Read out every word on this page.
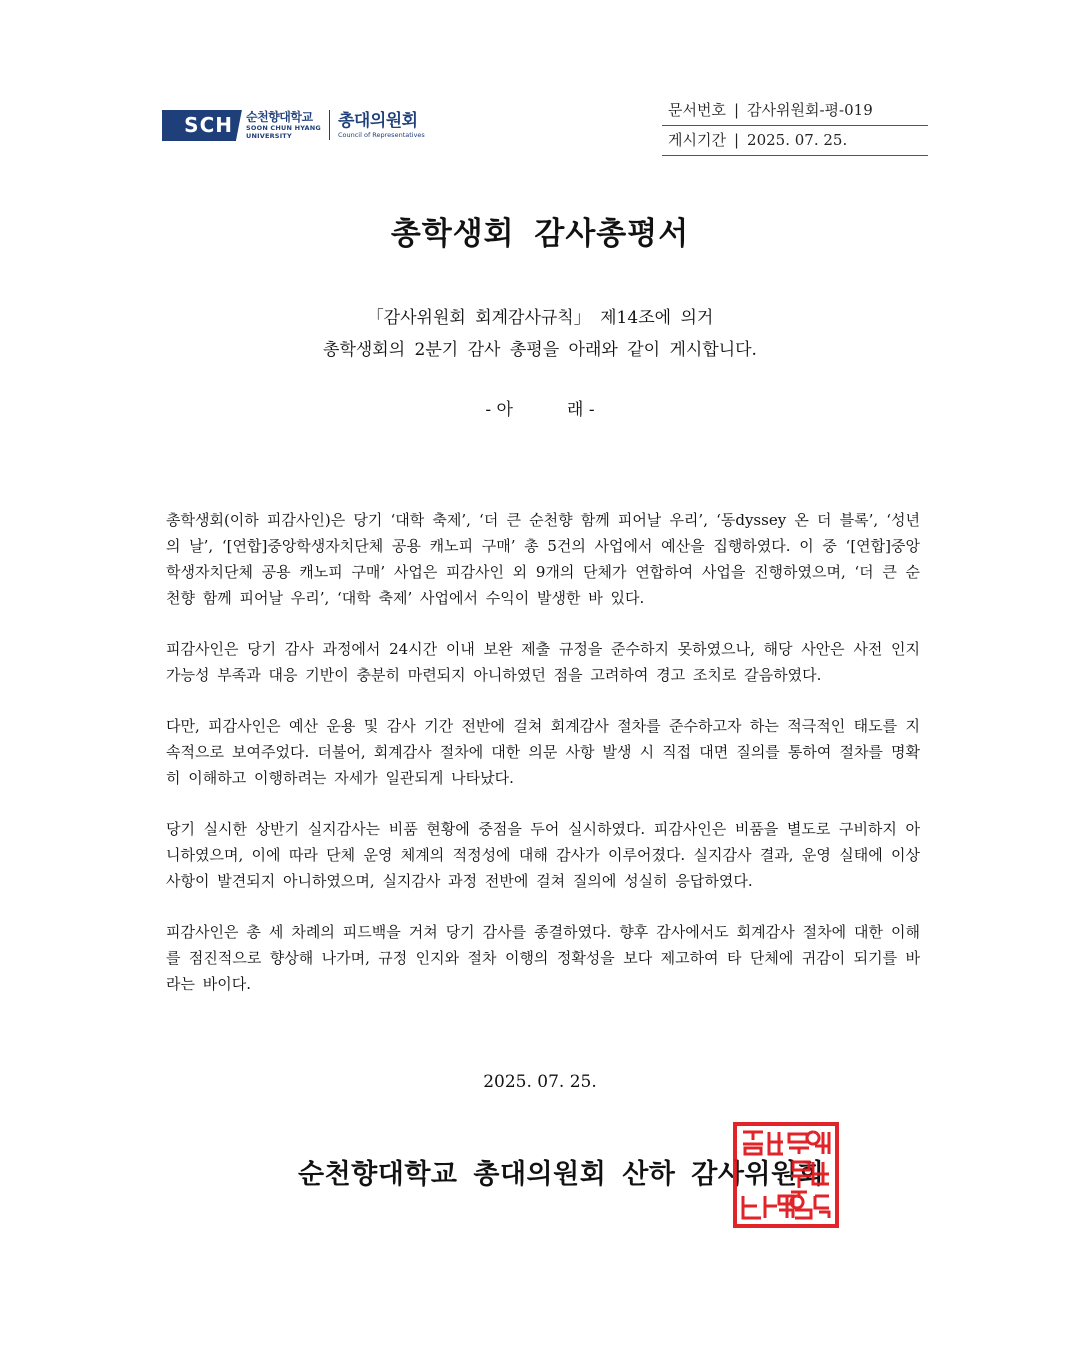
SCH 순천향대학교
SOON CHUN HYANG
UNIVERSITY
총대의원회
Council of Representatives
문서번호 | 감사위원회-평-019
게시기간 | 2025. 07. 25.
총학생회 감사총평서
「감사위원회 회계감사규칙」 제14조에 의거
총학생회의 2분기 감사 총평을 아래와 같이 게시합니다.
- 아          래 -

총학생회(이하 피감사인)은 당기 ‘대학 축제’, ‘더 큰 순천향 함께 피어날 우리’, ‘동dyssey 온 더 블록’, ‘성년의 날’, ‘[연합]중앙학생자치단체 공용 캐노피 구매’ 총 5건의 사업에서 예산을 집행하였다. 이 중 ‘[연합]중앙학생자치단체 공용 캐노피 구매’ 사업은 피감사인 외 9개의 단체가 연합하여 사업을 진행하였으며, ‘더 큰 순천향 함께 피어날 우리’, ‘대학 축제’ 사업에서 수익이 발생한 바 있다.

피감사인은 당기 감사 과정에서 24시간 이내 보완 제출 규정을 준수하지 못하였으나, 해당 사안은 사전 인지 가능성 부족과 대응 기반이 충분히 마련되지 아니하였던 점을 고려하여 경고 조치로 갈음하였다.

다만, 피감사인은 예산 운용 및 감사 기간 전반에 걸쳐 회계감사 절차를 준수하고자 하는 적극적인 태도를 지속적으로 보여주었다. 더불어, 회계감사 절차에 대한 의문 사항 발생 시 직접 대면 질의를 통하여 절차를 명확히 이해하고 이행하려는 자세가 일관되게 나타났다.

당기 실시한 상반기 실지감사는 비품 현황에 중점을 두어 실시하였다. 피감사인은 비품을 별도로 구비하지 아니하였으며, 이에 따라 단체 운영 체계의 적정성에 대해 감사가 이루어졌다. 실지감사 결과, 운영 실태에 이상 사항이 발견되지 아니하였으며, 실지감사 과정 전반에 걸쳐 질의에 성실히 응답하였다.

피감사인은 총 세 차례의 피드백을 거쳐 당기 감사를 종결하였다. 향후 감사에서도 회계감사 절차에 대한 이해를 점진적으로 향상해 나가며, 규정 인지와 절차 이행의 정확성을 보다 제고하여 타 단체에 귀감이 되기를 바라는 바이다.

2025. 07. 25.
순천향대학교 총대의원회 산하 감사위원회
